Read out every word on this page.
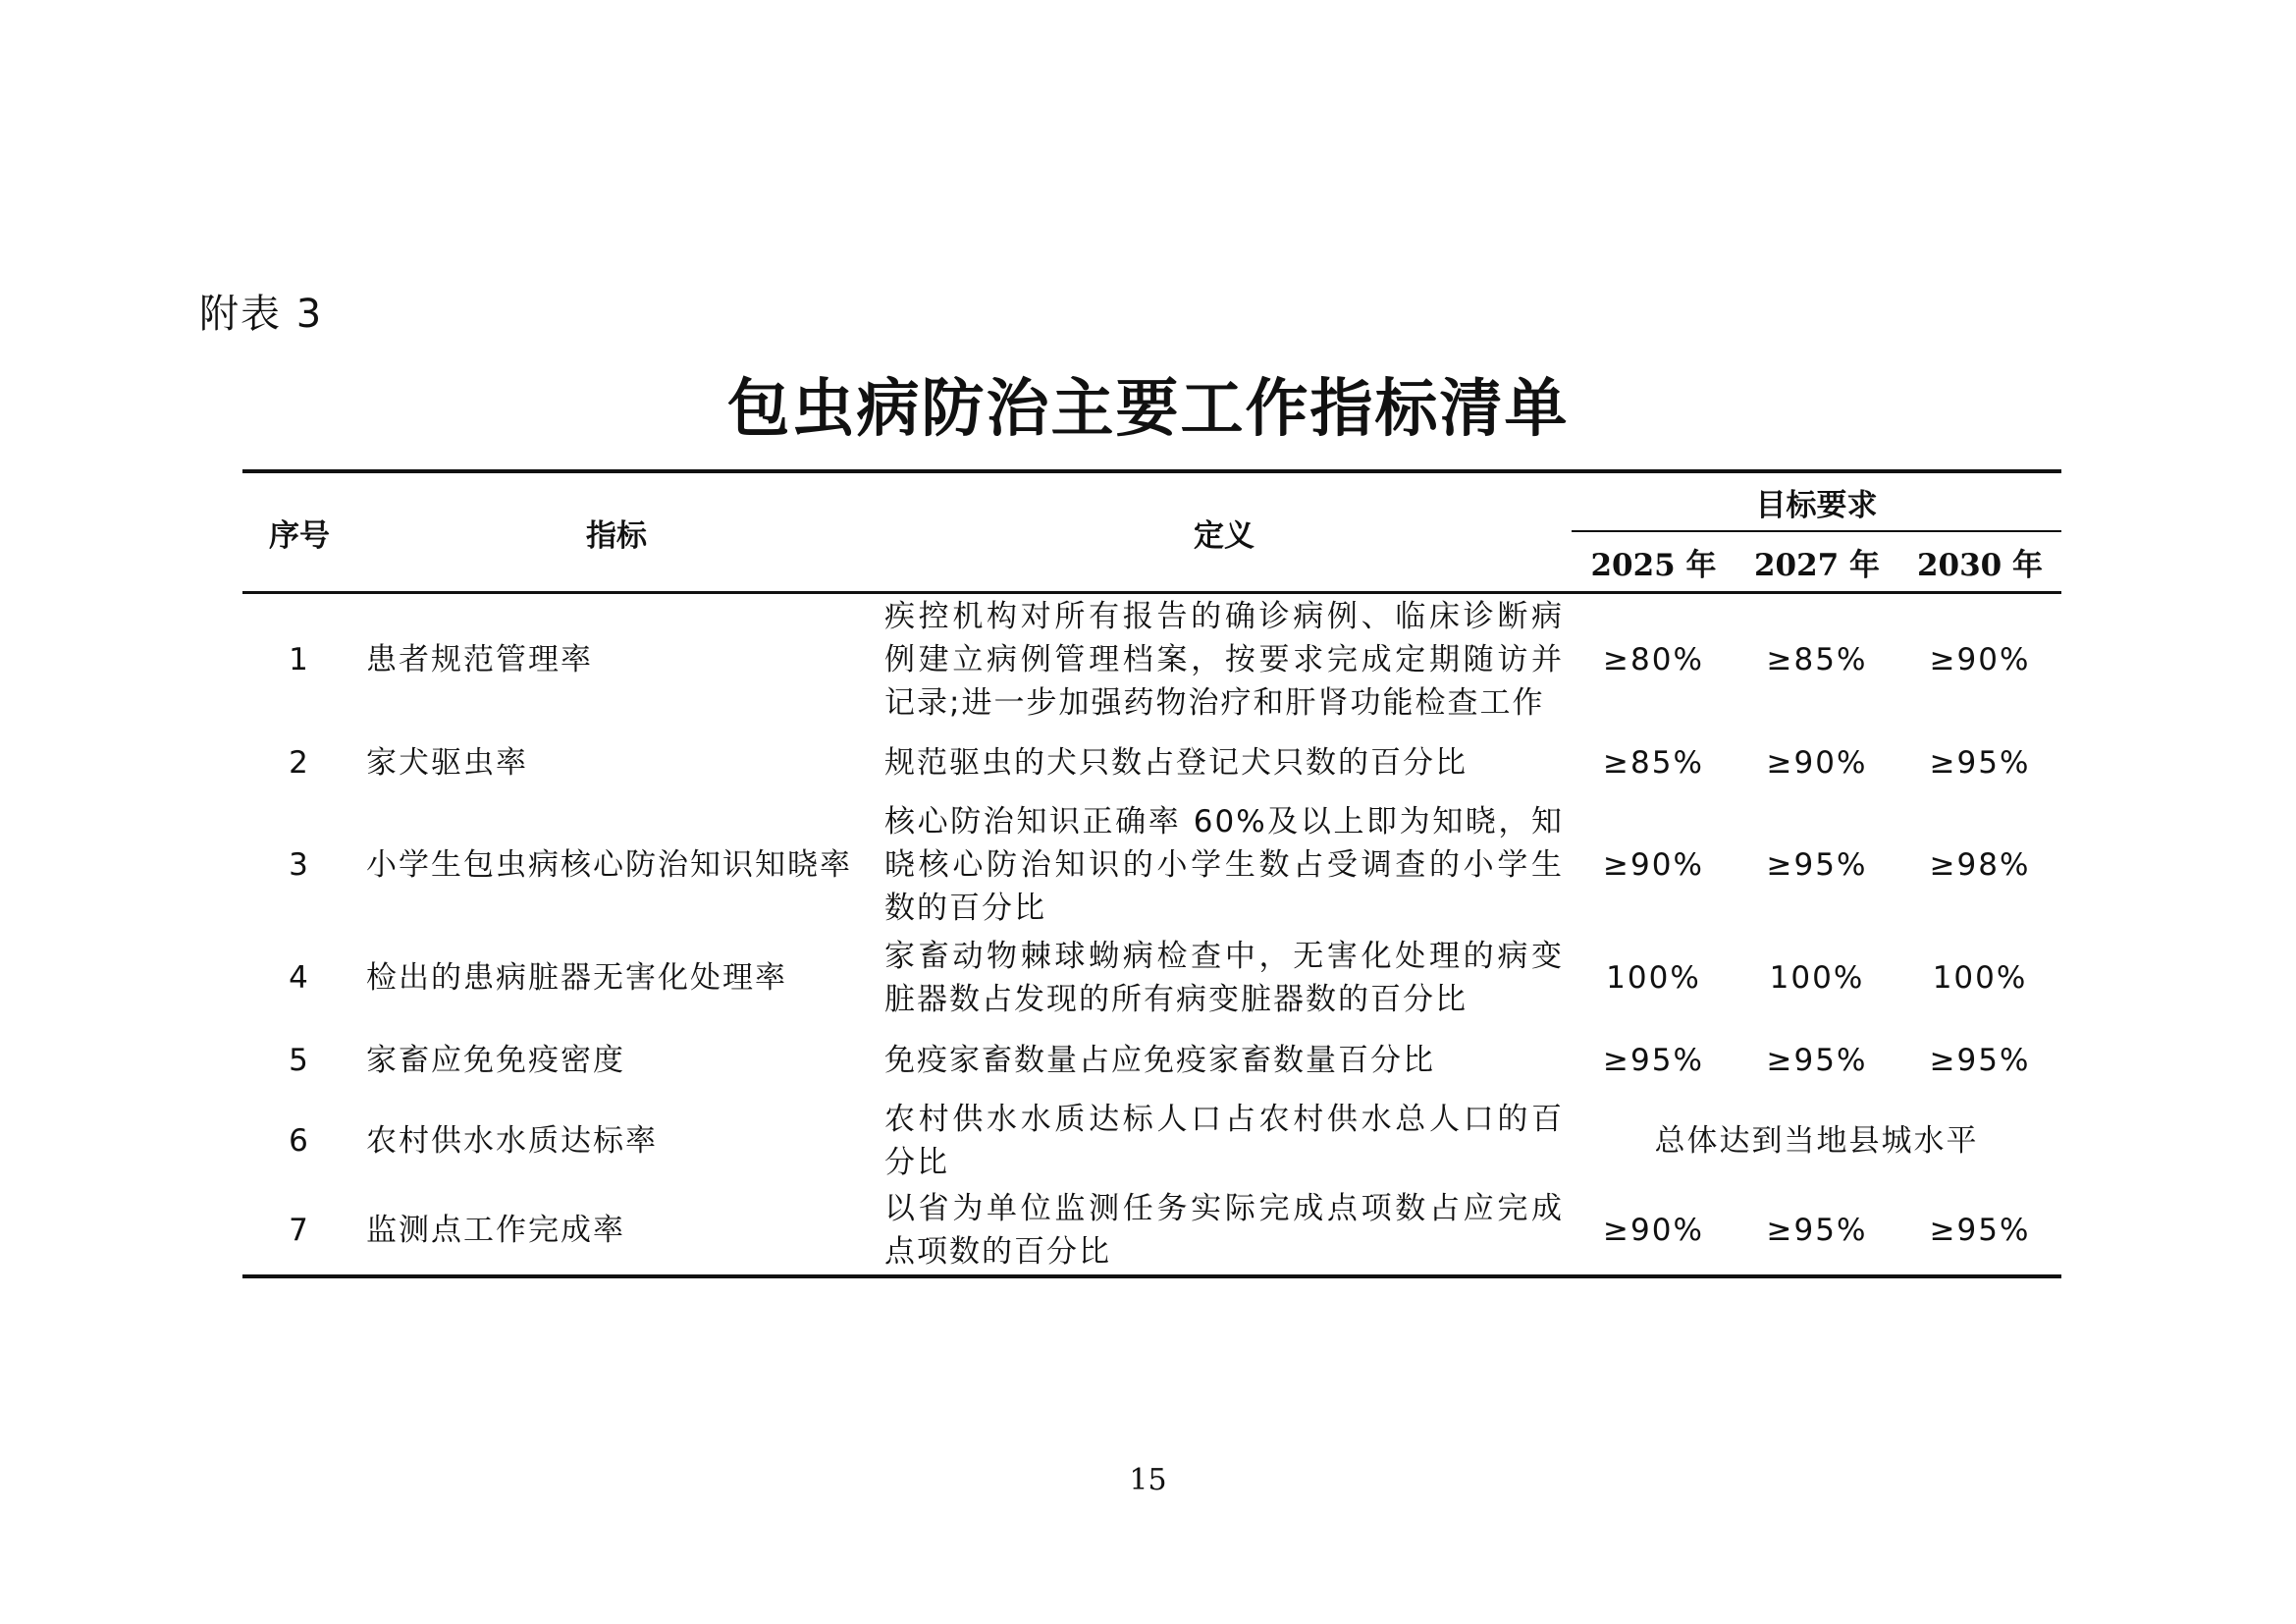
附表 3
包虫病防治主要工作指标清单
序号	指标	定义	目标要求		
			2025 年	2027 年	2030 年
1	患者规范管理率	疾控机构对所有报告的确诊病例、临床诊断病例建立病例管理档案，按要求完成定期随访并记录;进一步加强药物治疗和肝肾功能检查工作	≥80%	≥85%	≥90%
2	家犬驱虫率	规范驱虫的犬只数占登记犬只数的百分比	≥85%	≥90%	≥95%
3	小学生包虫病核心防治知识知晓率	核心防治知识正确率 60%及以上即为知晓，知晓核心防治知识的小学生数占受调查的小学生数的百分比	≥90%	≥95%	≥98%
4	检出的患病脏器无害化处理率	家畜动物棘球蚴病检查中，无害化处理的病变脏器数占发现的所有病变脏器数的百分比	100%	100%	100%
5	家畜应免免疫密度	免疫家畜数量占应免疫家畜数量百分比	≥95%	≥95%	≥95%
6	农村供水水质达标率	农村供水水质达标人口占农村供水总人口的百分比	总体达到当地县城水平		
7	监测点工作完成率	以省为单位监测任务实际完成点项数占应完成点项数的百分比	≥90%	≥95%	≥95%
15
